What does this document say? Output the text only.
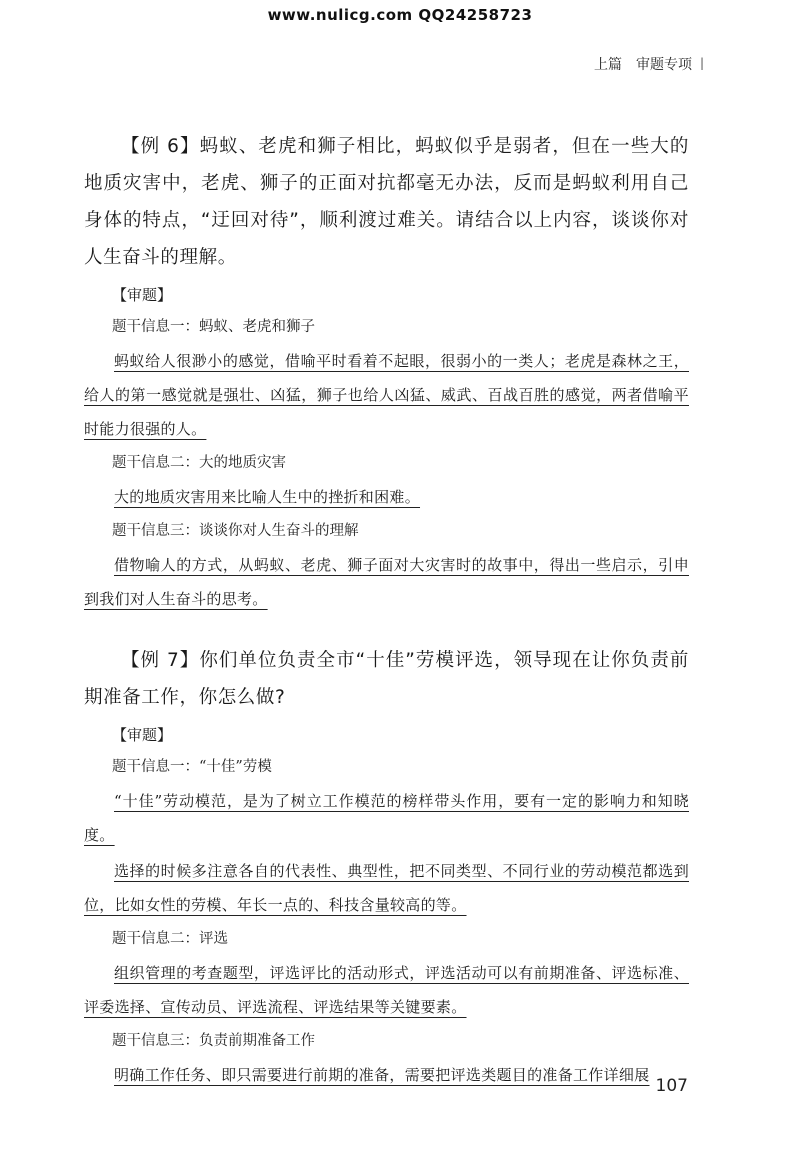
www.nulicg.com QQ24258723
上篇 审题专项 |

【例 6】蚂蚁、老虎和狮子相比，蚂蚁似乎是弱者，但在一些大的地质灾害中，老虎、狮子的正面对抗都毫无办法，反而是蚂蚁利用自己身体的特点，“迂回对待”，顺利渡过难关。请结合以上内容，谈谈你对人生奋斗的理解。

【审题】
题干信息一：蚂蚁、老虎和狮子

蚂蚁给人很渺小的感觉，借喻平时看着不起眼，很弱小的一类人；老虎是森林之王，给人的第一感觉就是强壮、凶猛，狮子也给人凶猛、威武、百战百胜的感觉，两者借喻平时能力很强的人。

题干信息二：大的地质灾害

大的地质灾害用来比喻人生中的挫折和困难。

题干信息三：谈谈你对人生奋斗的理解

借物喻人的方式，从蚂蚁、老虎、狮子面对大灾害时的故事中，得出一些启示，引申到我们对人生奋斗的思考。

【例 7】你们单位负责全市“十佳”劳模评选，领导现在让你负责前期准备工作，你怎么做?

【审题】
题干信息一：“十佳”劳模

“十佳”劳动模范，是为了树立工作模范的榜样带头作用，要有一定的影响力和知晓度。

选择的时候多注意各自的代表性、典型性，把不同类型、不同行业的劳动模范都选到位，比如女性的劳模、年长一点的、科技含量较高的等。

题干信息二：评选

组织管理的考查题型，评选评比的活动形式，评选活动可以有前期准备、评选标准、评委选择、宣传动员、评选流程、评选结果等关键要素。

题干信息三：负责前期准备工作

明确工作任务、即只需要进行前期的准备，需要把评选类题目的准备工作详细展

107
